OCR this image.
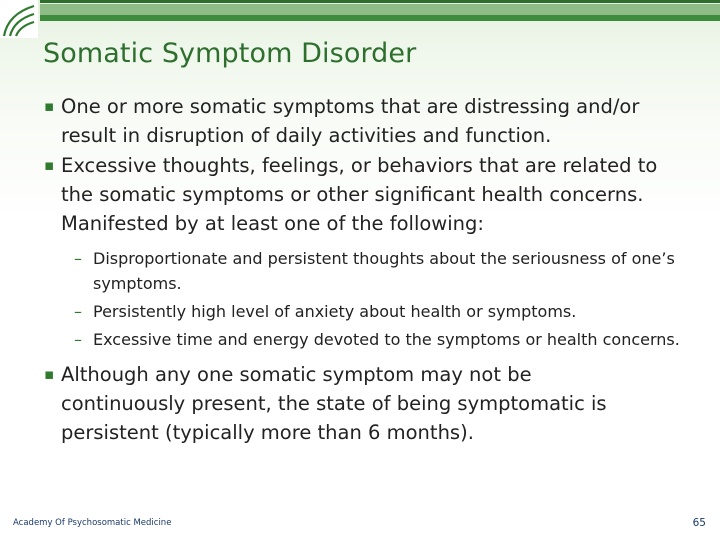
Somatic Symptom Disorder

▪ One or more somatic symptoms that are distressing and/or result in disruption of daily activities and function.

▪ Excessive thoughts, feelings, or behaviors that are related to the somatic symptoms or other significant health concerns. Manifested by at least one of the following:

– Disproportionate and persistent thoughts about the seriousness of one’s symptoms.

– Persistently high level of anxiety about health or symptoms.

– Excessive time and energy devoted to the symptoms or health concerns.

▪ Although any one somatic symptom may not be continuously present, the state of being symptomatic is persistent (typically more than 6 months).

Academy Of Psychosomatic Medicine	65
